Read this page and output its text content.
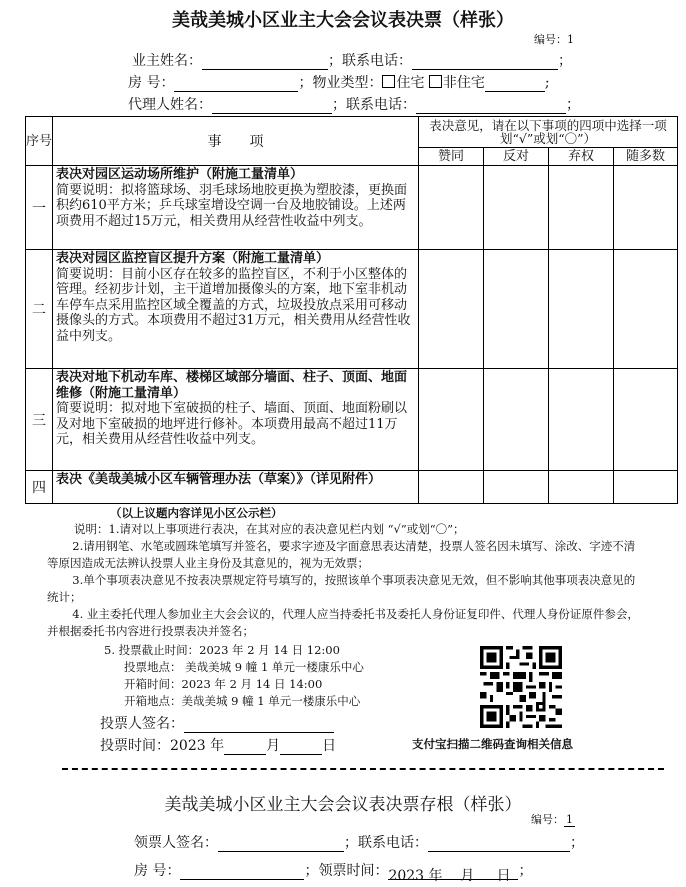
美哉美城小区业主大会会议表决票（样张）
编号：1
业主姓名：	；联系电话：	；
房 号：	；物业类型： 住宅 非住宅	;
代理人姓名：	；联系电话：	；
序号	事　　项	表决意见，请在以下事项的四项中选择一项划“√”或划“〇”）			
		赞同	反对	弃权	随多数
一	表决对园区运动场所维护（附施工量清单）
简要说明：拟将篮球场、羽毛球场地胶更换为塑胶漆，更换面积约610平方米；乒乓球室增设空调一台及地胶铺设。上述两项费用不超过15万元，相关费用从经营性收益中列支。				
二	表决对园区监控盲区提升方案（附施工量清单）
简要说明：目前小区存在较多的监控盲区，不利于小区整体的管理。经初步计划，主干道增加摄像头的方案，地下室非机动车停车点采用监控区域全覆盖的方式，垃圾投放点采用可移动摄像头的方式。本项费用不超过31万元，相关费用从经营性收益中列支。				
三	表决对地下机动车库、楼梯区域部分墙面、柱子、顶面、地面维修（附施工量清单）
简要说明：拟对地下室破损的柱子、墙面、顶面、地面粉刷以及对地下室破损的地坪进行修补。本项费用最高不超过11万元，相关费用从经营性收益中列支。				
四	表决《美哉美城小区车辆管理办法（草案）》（详见附件）				
（以上议题内容详见小区公示栏）
说明：1.请对以上事项进行表决，在其对应的表决意见栏内划 “√”或划“〇”；
2.请用钢笔、水笔或圆珠笔填写并签名，要求字迹及字面意思表达清楚，投票人签名因未填写、涂改、字迹不清等原因造成无法辨认投票人业主身份及其意见的，视为无效票；
3.单个事项表决意见不按表决票规定符号填写的，按照该单个事项表决意见无效，但不影响其他事项表决意见的统计；
4. 业主委托代理人参加业主大会会议的，代理人应当持委托书及委托人身份证复印件、代理人身份证原件参会，并根据委托书内容进行投票表决并签名；
5. 投票截止时间：2023 年 2 月 14 日 12:00
投票地点： 美哉美城 9 幢 1 单元一楼康乐中心
开箱时间：2023 年 2 月 14 日 14:00
开箱地点：美哉美城 9 幢 1 单元一楼康乐中心
投票人签名：
投票时间：2023 年	月	日	支付宝扫描二维码查询相关信息
美哉美城小区业主大会会议表决票存根（样张）
编号： 1
领票人签名：	；联系电话：	；
房 号：	；领票时间：2023 年 月 日 ；
